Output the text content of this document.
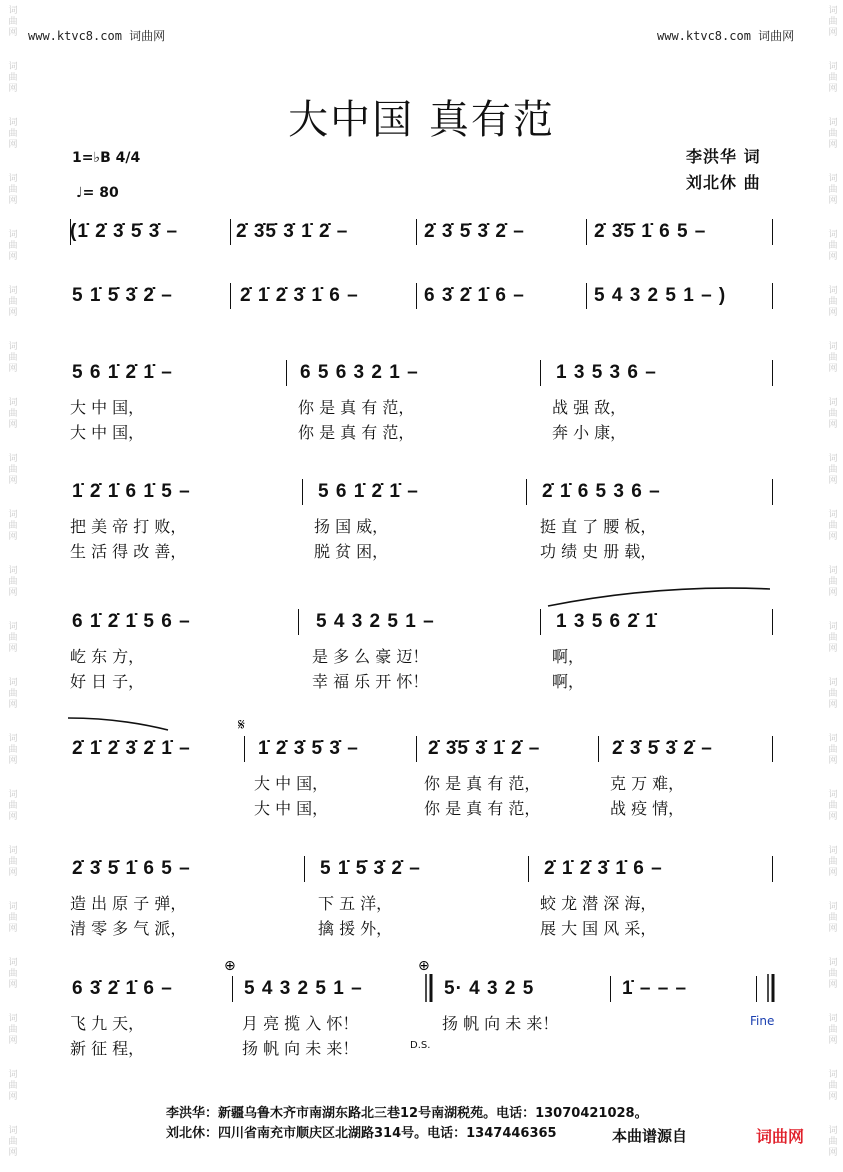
词曲网
词曲网
词曲网
词曲网
词曲网
词曲网
词曲网
词曲网
词曲网
词曲网
词曲网
词曲网
词曲网
词曲网
词曲网
词曲网
词曲网
词曲网
词曲网
词曲网
词曲网
词曲网
词曲网
词曲网
词曲网
词曲网
词曲网
词曲网
词曲网
词曲网
词曲网
词曲网
词曲网
词曲网
词曲网
词曲网
词曲网
词曲网
词曲网
词曲网
词曲网
词曲网
www.ktvc8.com 词曲网	www.ktvc8.com 词曲网
大中国 真有范
李洪华 词
刘北休 曲
1=♭B 4/4
♩= 80
(1̇ 2̇ 3̇ 5̇ 3̇ –	2̇ 3̇5̇ 3̇ 1̇ 2̇ –	2̇ 3̇ 5̇ 3̇ 2̇ –	2̇ 3̇5̇ 1̇ 6 5 –
5 1̇ 5̇ 3̇ 2̇ –	2̇ 1̇ 2̇ 3̇ 1̇ 6 –	6 3̇ 2̇ 1̇ 6 –	5 4 3 2 5 1 – )
5 6 1̇ 2̇ 1̇ –	6 5 6 3 2 1 –	1 3 5 3 6 –
大 中 国，	你 是 真 有 范，	战 强 敌，
大 中 国，	你 是 真 有 范，	奔 小 康，
1̇ 2̇ 1̇ 6 1̇ 5 –	5 6 1̇ 2̇ 1̇ –	2̇ 1̇ 6 5 3 6 –
把 美 帝 打 败，	扬 国 威，	挺 直 了 腰 板，
生 活 得 改 善，	脱 贫 困，	功 绩 史 册 载，
6 1̇ 2̇ 1̇ 5 6 –	5 4 3 2 5 1 –	1 3 5 6 2̇ 1̇
屹 东 方，	是 多 么 豪 迈！	啊，
好 日 子，	幸 福 乐 开 怀！	啊，
2̇ 1̇ 2̇ 3̇ 2̇ 1̇ –	1̇ 2̇ 3̇ 5̇ 3̇ –	2̇ 3̇5̇ 3̇ 1̇ 2̇ –	2̇ 3̇ 5̇ 3̇ 2̇ –
大 中 国，	你 是 真 有 范，	克 万 难，
大 中 国，	你 是 真 有 范，	战 疫 情，
2̇ 3̇ 5̇ 1̇ 6 5 –	5 1̇ 5̇ 3̇ 2̇ –	2̇ 1̇ 2̇ 3̇ 1̇ 6 –
造 出 原 子 弹，	下 五 洋，	蛟 龙 潜 深 海，
清 零 多 气 派，	擒 援 外，	展 大 国 风 采，
6 3̇ 2̇ 1̇ 6 –	5 4 3 2 5 1 –	5· 4 3 2 5	1̇ – – –
飞 九 天，	月 亮 揽 入 怀！	扬 帆 向 未 来！
新 征 程，	扬 帆 向 未 来！
⊕	⊕
𝄋
Fine
D.S.
李洪华：新疆乌鲁木齐市南湖东路北三巷12号南湖税苑。电话：13070421028。
刘北休：四川省南充市顺庆区北湖路314号。电话：1347446365	本曲谱源自	词曲网
